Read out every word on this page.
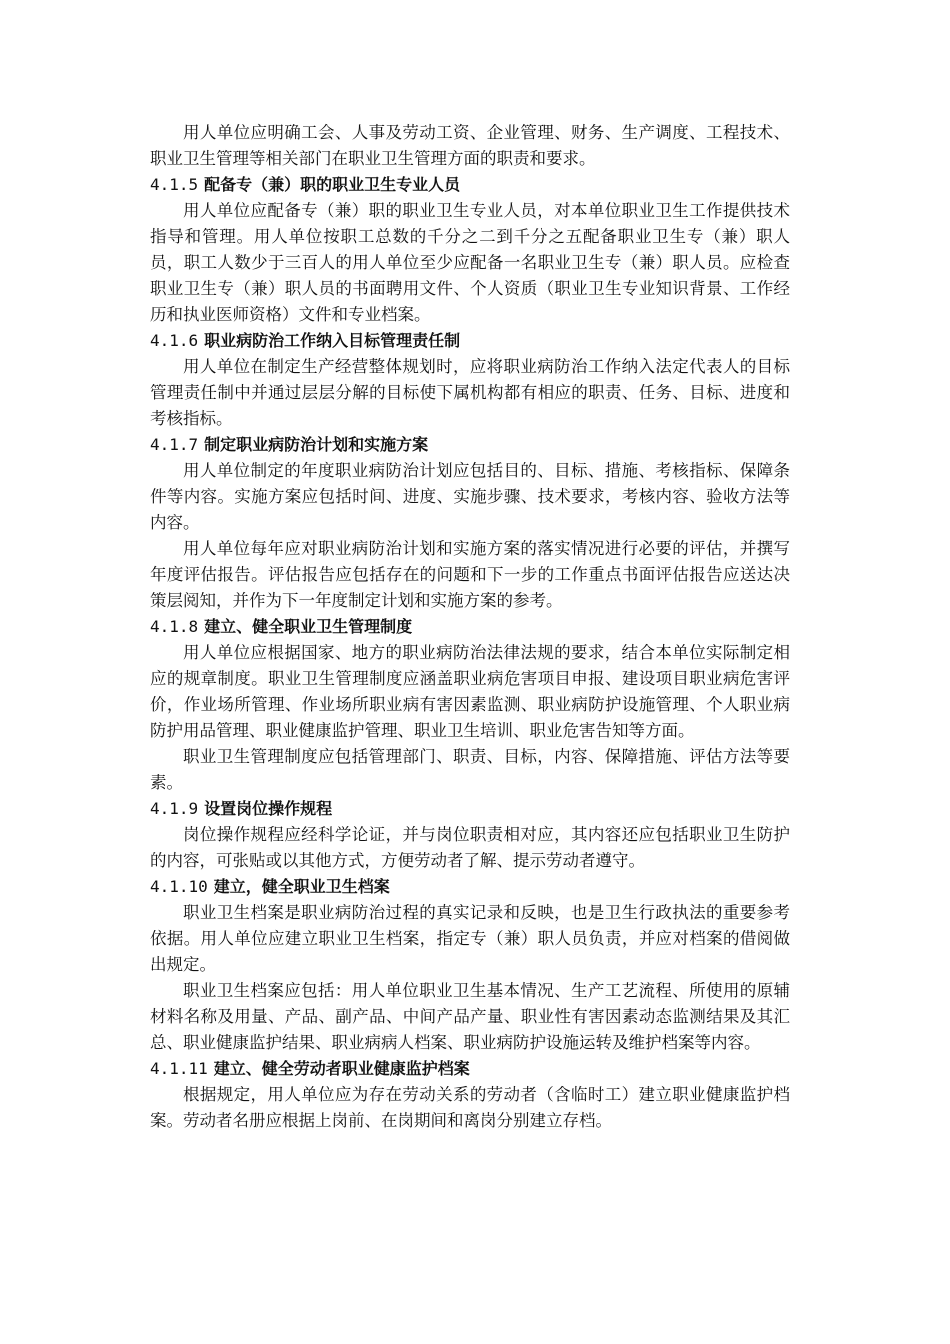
用人单位应明确工会、人事及劳动工资、企业管理、财务、生产调度、工程技术、职业卫生管理等相关部门在职业卫生管理方面的职责和要求。

4.1.5 配备专（兼）职的职业卫生专业人员

用人单位应配备专（兼）职的职业卫生专业人员，对本单位职业卫生工作提供技术指导和管理。用人单位按职工总数的千分之二到千分之五配备职业卫生专（兼）职人员，职工人数少于三百人的用人单位至少应配备一名职业卫生专（兼）职人员。应检查职业卫生专（兼）职人员的书面聘用文件、个人资质（职业卫生专业知识背景、工作经历和执业医师资格）文件和专业档案。

4.1.6 职业病防治工作纳入目标管理责任制

用人单位在制定生产经营整体规划时，应将职业病防治工作纳入法定代表人的目标管理责任制中并通过层层分解的目标使下属机构都有相应的职责、任务、目标、进度和考核指标。

4.1.7 制定职业病防治计划和实施方案

用人单位制定的年度职业病防治计划应包括目的、目标、措施、考核指标、保障条件等内容。实施方案应包括时间、进度、实施步骤、技术要求，考核内容、验收方法等内容。

用人单位每年应对职业病防治计划和实施方案的落实情况进行必要的评估，并撰写年度评估报告。评估报告应包括存在的问题和下一步的工作重点书面评估报告应送达决策层阅知，并作为下一年度制定计划和实施方案的参考。

4.1.8 建立、健全职业卫生管理制度

用人单位应根据国家、地方的职业病防治法律法规的要求，结合本单位实际制定相应的规章制度。职业卫生管理制度应涵盖职业病危害项目申报、建设项目职业病危害评价，作业场所管理、作业场所职业病有害因素监测、职业病防护设施管理、个人职业病防护用品管理、职业健康监护管理、职业卫生培训、职业危害告知等方面。

职业卫生管理制度应包括管理部门、职责、目标，内容、保障措施、评估方法等要素。

4.1.9 设置岗位操作规程

岗位操作规程应经科学论证，并与岗位职责相对应，其内容还应包括职业卫生防护的内容，可张贴或以其他方式，方便劳动者了解、提示劳动者遵守。

4.1.10 建立，健全职业卫生档案

职业卫生档案是职业病防治过程的真实记录和反映，也是卫生行政执法的重要参考依据。用人单位应建立职业卫生档案，指定专（兼）职人员负责，并应对档案的借阅做出规定。

职业卫生档案应包括：用人单位职业卫生基本情况、生产工艺流程、所使用的原辅材料名称及用量、产品、副产品、中间产品产量、职业性有害因素动态监测结果及其汇总、职业健康监护结果、职业病病人档案、职业病防护设施运转及维护档案等内容。

4.1.11 建立、健全劳动者职业健康监护档案

根据规定，用人单位应为存在劳动关系的劳动者（含临时工）建立职业健康监护档案。劳动者名册应根据上岗前、在岗期间和离岗分别建立存档。
